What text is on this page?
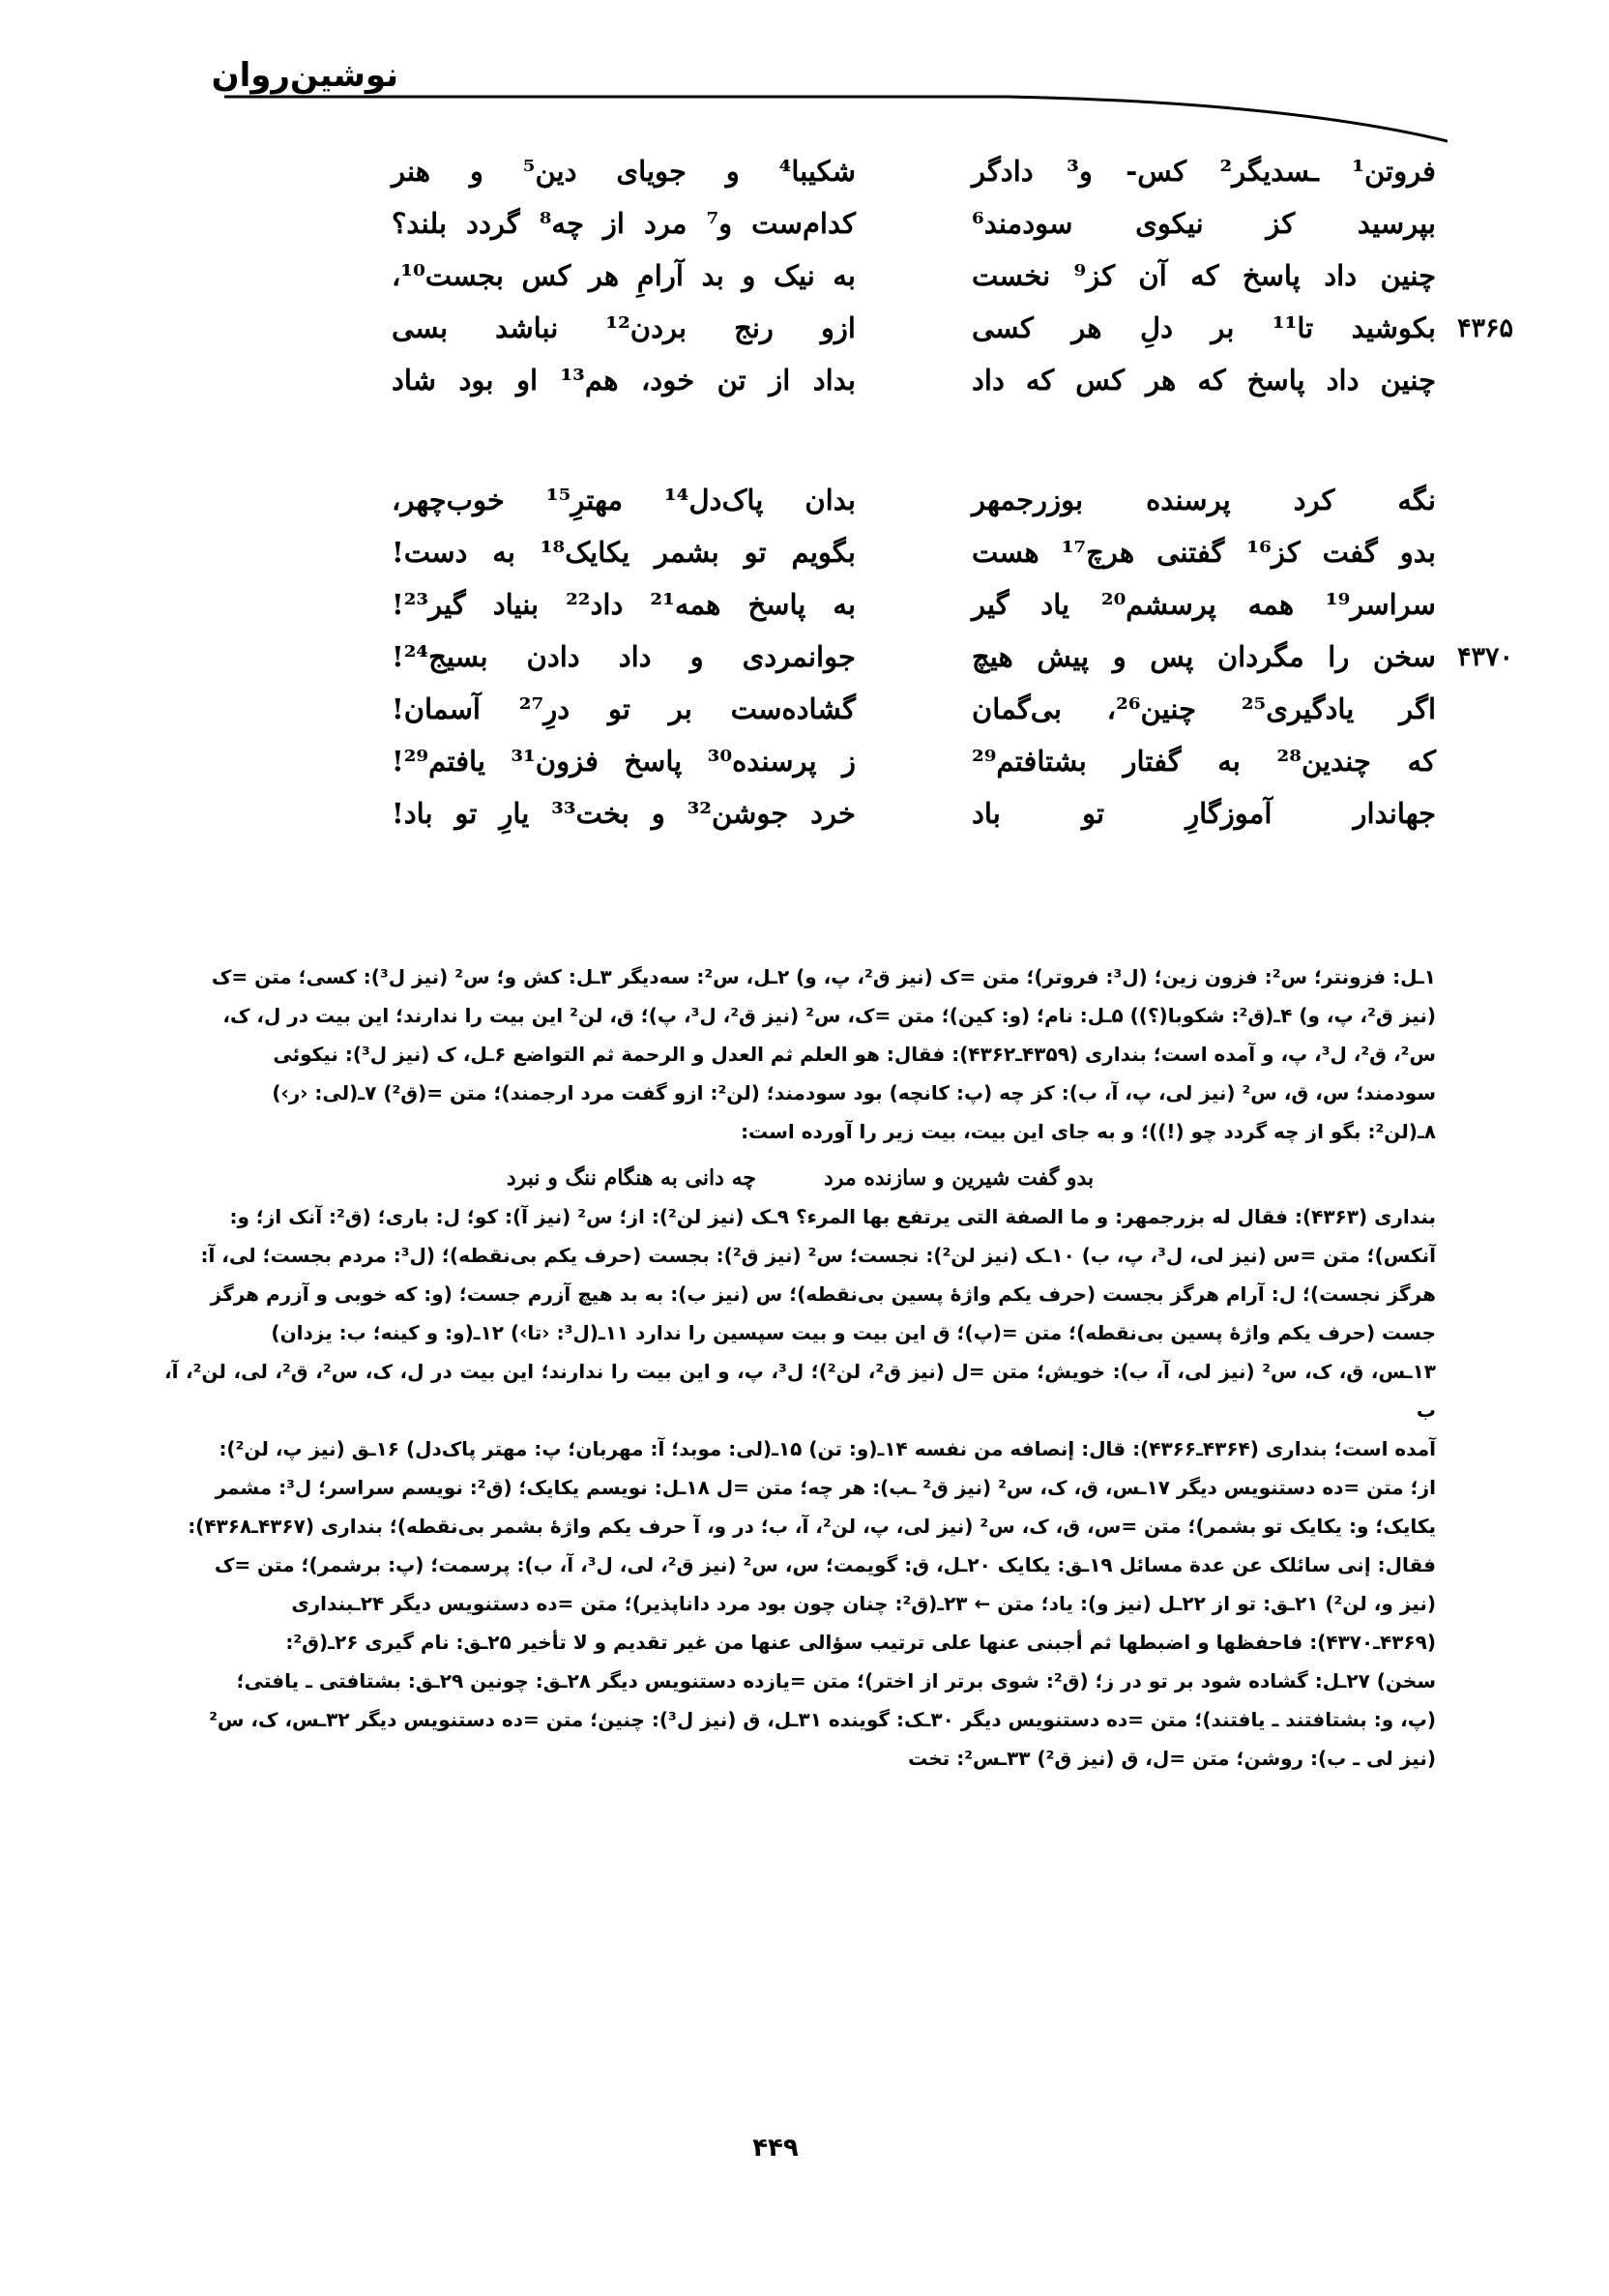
نوشین‌روان
فروتن¹ ـسدیگر² کس- و³ دادگر
شکیبا⁴ و جویای دین⁵ و هنر
بپرسید کز نیکوی سودمند⁶
کدام‌ست و⁷ مرد از چه⁸ گردد بلند؟
چنین داد پاسخ که آن کز⁹ نخست
به نیک و بد آرامِ هر کس بجست¹⁰،
۴۳۶۵
بکوشید تا¹¹ بر دلِ هر کسی
ازو رنج بردن¹² نباشد بسی
چنین داد پاسخ که هر کس که داد
بداد از تن خود، هم¹³ او بود شاد
نگه کرد پرسنده بوزرجمهر
بدان پاک‌دل¹⁴ مهترِ¹⁵ خوب‌چهر،
بدو گفت کز¹⁶ گفتنی هرچ¹⁷ هست
بگویم تو بشمر یکایک¹⁸ به دست!
سراسر¹⁹ همه پرسشم²⁰ یاد گیر
به پاسخ همه²¹ داد²² بنیاد گیر²³!
۴۳۷۰
سخن را مگردان پس و پیش هیچ
جوانمردی و داد دادن بسیج²⁴!
اگر یادگیری²⁵ چنین²⁶، بی‌گمان
گشاده‌ست بر تو درِ²⁷ آسمان!
که چندین²⁸ به گفتار بشتافتم²⁹
ز پرسنده³⁰ پاسخ فزون³¹ یافتم²⁹!
جهاندار آموزگارِ تو باد
خرد جوشن³² و بخت³³ یارِ تو باد!
۱ـل: فزونتر؛ س²: فزون زین؛ (ل³: فروتر)؛ متن =ک (نیز ق²، پ، و) ۲ـل، س²: سه‌دیگر ۳ـل: کش و؛ س² (نیز ل³): کسی؛ متن =ک
(نیز ق²، پ، و) ۴ـ(ق²: شکوبا(؟)) ۵ـل: نام؛ (و: کین)؛ متن =ک، س² (نیز ق²، ل³، پ)؛ ق، لن² این بیت را ندارند؛ این بیت در ل، ک،
س²، ق²، ل³، پ، و آمده است؛ بنداری (۴۳۵۹ـ۴۳۶۲): فقال: هو العلم ثم العدل و الرحمة ثم التواضع ۶ـل، ک (نیز ل³): نیکوئی
سودمند؛ س، ق، س² (نیز لی، پ، آ، ب): کز چه (پ: کانچه) بود سودمند؛ (لن²: ازو گفت مرد ارجمند)؛ متن =(ق²) ۷ـ(لی: ‹ر›)
۸ـ(لن²: بگو از چه گردد چو (!))؛ و به جای این بیت، بیت زیر را آورده است:
بدو گفت شیرین و سازنده مرد
چه دانی به هنگام ننگ و نبرد
بنداری (۴۳۶۳): فقال له بزرجمهر: و ما الصفة التی یرتفع بها المرء؟ ۹ـک (نیز لن²): از؛ س² (نیز آ): کو؛ ل: باری؛ (ق²: آنک از؛ و:
آنکس)؛ متن =س (نیز لی، ل³، پ، ب) ۱۰ـک (نیز لن²): نجست؛ س² (نیز ق²): بجست (حرف یکم بی‌نقطه)؛ (ل³: مردم بجست؛ لی، آ:
هرگز نجست)؛ ل: آرام هرگز بجست (حرف یکم واژهٔ پسین بی‌نقطه)؛ س (نیز ب): به بد هیچ آزرم جست؛ (و: که خوبی و آزرم هرگز
جست (حرف یکم واژهٔ پسین بی‌نقطه)؛ متن =(پ)؛ ق این بیت و بیت سپسین را ندارد ۱۱ـ(ل³: ‹تا›) ۱۲ـ(و: و کینه؛ ب: یزدان)
۱۳ـس، ق، ک، س² (نیز لی، آ، ب): خویش؛ متن =ل (نیز ق²، لن²)؛ ل³، پ، و این بیت را ندارند؛ این بیت در ل، ک، س²، ق²، لی، لن²، آ، ب
آمده است؛ بنداری (۴۳۶۴ـ۴۳۶۶): قال: إنصافه من نفسه ۱۴ـ(و: تن) ۱۵ـ(لی: موبد؛ آ: مهربان؛ پ: مهتر پاک‌دل) ۱۶ـق (نیز پ، لن²):
از؛ متن =ده دستنویس دیگر ۱۷ـس، ق، ک، س² (نیز ق² ـب): هر چه؛ متن =ل ۱۸ـل: نویسم یکایک؛ (ق²: نویسم سراسر؛ ل³: مشمر
یکایک؛ و: یکایک تو بشمر)؛ متن =س، ق، ک، س² (نیز لی، پ، لن²، آ، ب؛ در و، آ حرف یکم واژهٔ بشمر بی‌نقطه)؛ بنداری (۴۳۶۷ـ۴۳۶۸):
فقال: إنی سائلک عن عدة مسائل ۱۹ـق: یکایک ۲۰ـل، ق: گویمت؛ س، س² (نیز ق²، لی، ل³، آ، ب): پرسمت؛ (پ: برشمر)؛ متن =ک
(نیز و، لن²) ۲۱ـق: تو از ۲۲ـل (نیز و): یاد؛ متن ← ۲۳ـ(ق²: چنان چون بود مرد داناپذیر)؛ متن =ده دستنویس دیگر ۲۴ـبنداری
(۴۳۶۹ـ۴۳۷۰): فاحفظها و اضبطها ثم أجبنی عنها علی ترتیب سؤالی عنها من غیر تقدیم و لا تأخیر ۲۵ـق: نام گیری ۲۶ـ(ق²:
سخن) ۲۷ـل: گشاده شود بر تو در ز؛ (ق²: شوی برتر از اختر)؛ متن =یازده دستنویس دیگر ۲۸ـق: چونین ۲۹ـق: بشتافتی ـ یافتی؛
(پ، و: بشتافتند ـ یافتند)؛ متن =ده دستنویس دیگر ۳۰ـک: گوینده ۳۱ـل، ق (نیز ل³): چنین؛ متن =ده دستنویس دیگر ۳۲ـس، ک، س²
(نیز لی ـ ب): روشن؛ متن =ل، ق (نیز ق²) ۳۳ـس²: تخت
۴۴۹
